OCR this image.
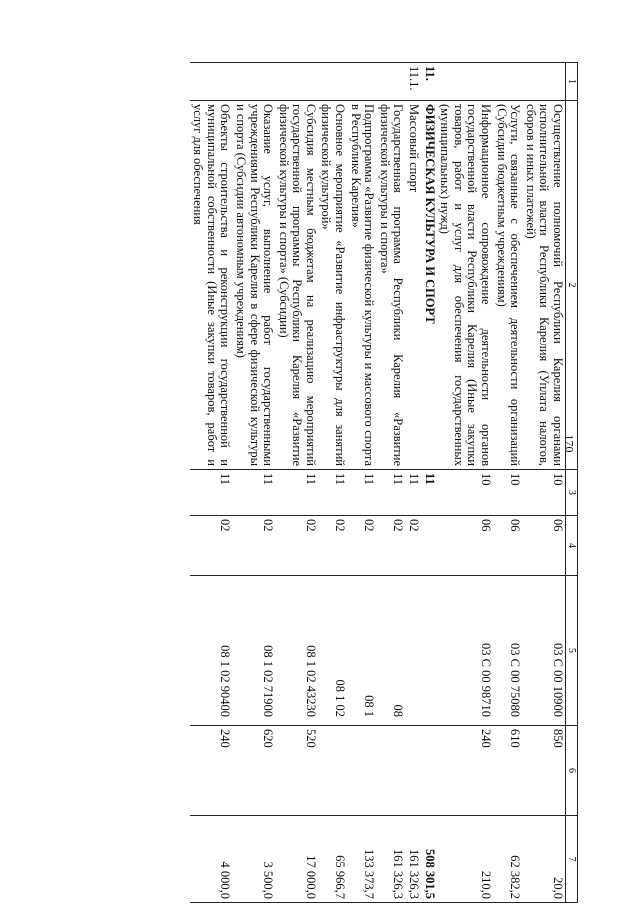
170
1	2	3	4	5	6	7
	Осуществление полномочий Республики Карелия органами исполнительной власти Республики Карелия (Уплата налогов, сборов и иных платежей)	10	06	03 С 00 10900	850	20,0
	Услуги, связанные с обеспечением деятельности организаций (Субсидии бюджетным учреждениям)	10	06	03 С 00 75080	610	62 382,2
	Информационное сопровождение деятельности органов государственной власти Республики Карелия (Иные закупки товаров, работ и услуг для обеспечения государственных (муниципальных) нужд)	10	06	03 С 00 98710	240	210,0
11.	ФИЗИЧЕСКАЯ КУЛЬТУРА И СПОРТ	11				508 301,5
11.1.	Массовый спорт	11	02			161 326,3
	Государственная программа Республики Карелия «Развитие физической культуры и спорта»	11	02	08		161 326,3
	Подпрограмма «Развитие физической культуры и массового спорта в Республике Карелия»	11	02	08 1		133 373,7
	Основное мероприятие «Развитие инфраструктуры для занятий физической культурой»	11	02	08 1 02		65 966,7
	Субсидия местным бюджетам на реализацию мероприятий государственной программы Республики Карелия «Развитие физической культуры и спорта» (Субсидии)	11	02	08 1 02 43230	520	17 000,0
	Оказание услуг, выполнение работ государственными учреждениями Республики Карелия в сфере физической культуры и спорта (Субсидии автономным учреждениям)	11	02	08 1 02 71900	620	3 500,0
	Объекты строительства и реконструкции государственной и муниципальной собственности (Иные закупки товаров, работ и услуг для обеспечения	11	02	08 1 02 90400	240	4 000,0
